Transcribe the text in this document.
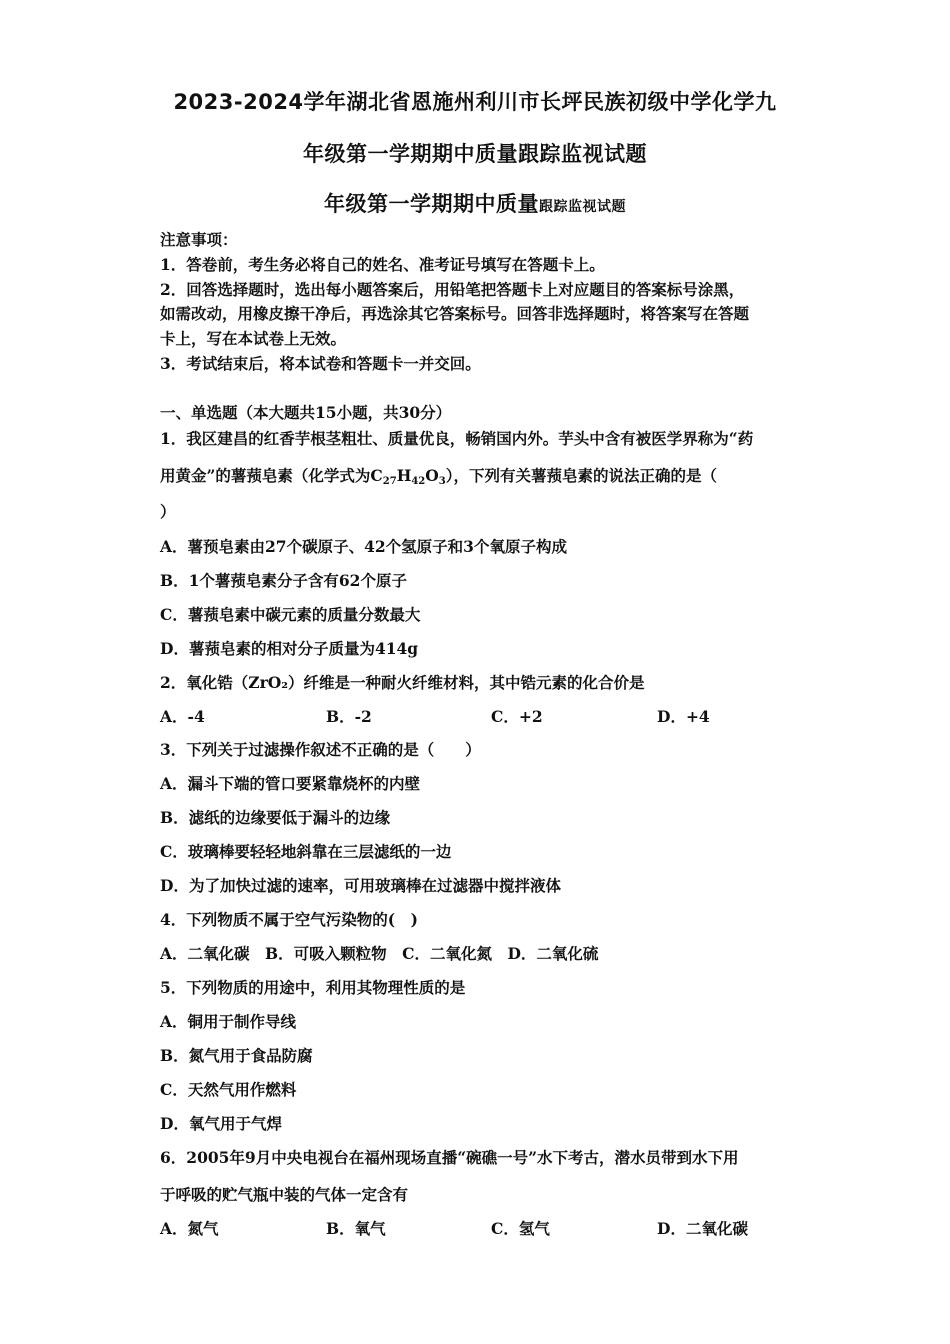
2023-2024学年湖北省恩施州利川市长坪民族初级中学化学九
年级第一学期期中质量跟踪监视试题
年级第一学期期中质量跟踪监视试题
注意事项：
1．答卷前，考生务必将自己的姓名、准考证号填写在答题卡上。
2．回答选择题时，选出每小题答案后，用铅笔把答题卡上对应题目的答案标号涂黑，
如需改动，用橡皮擦干净后，再选涂其它答案标号。回答非选择题时，将答案写在答题
卡上，写在本试卷上无效。
3．考试结束后，将本试卷和答题卡一并交回。
一、单选题（本大题共15小题，共30分）
1．我区建昌的红香芋根茎粗壮、质量优良，畅销国内外。芋头中含有被医学界称为“药
用黄金”的薯蓣皂素（化学式为$C_{27}H_{42}O_3$），下列有关薯蓣皂素的说法正确的是（
）
A．薯预皂素由27个碳原子、42个氢原子和3个氧原子构成
B．1个薯蓣皂素分子含有62个原子
C．薯蓣皂素中碳元素的质量分数最大
D．薯蓣皂素的相对分子质量为414g
2．氧化锆（ZrO₂）纤维是一种耐火纤维材料，其中锆元素的化合价是
A．-4	B．-2	C．+2	D．+4
3．下列关于过滤操作叙述不正确的是（　　）
A．漏斗下端的管口要紧靠烧杯的内壁
B．滤纸的边缘要低于漏斗的边缘
C．玻璃棒要轻轻地斜靠在三层滤纸的一边
D．为了加快过滤的速率，可用玻璃棒在过滤器中搅拌液体
4．下列物质不属于空气污染物的(　)
A．二氧化碳　B．可吸入颗粒物　C．二氧化氮　D．二氧化硫
5．下列物质的用途中，利用其物理性质的是
A．铜用于制作导线
B．氮气用于食品防腐
C．天然气用作燃料
D．氧气用于气焊
6．2005年9月中央电视台在福州现场直播“碗礁一号”水下考古，潜水员带到水下用
于呼吸的贮气瓶中装的气体一定含有
A．氮气	B．氧气	C．氢气	D．二氧化碳
